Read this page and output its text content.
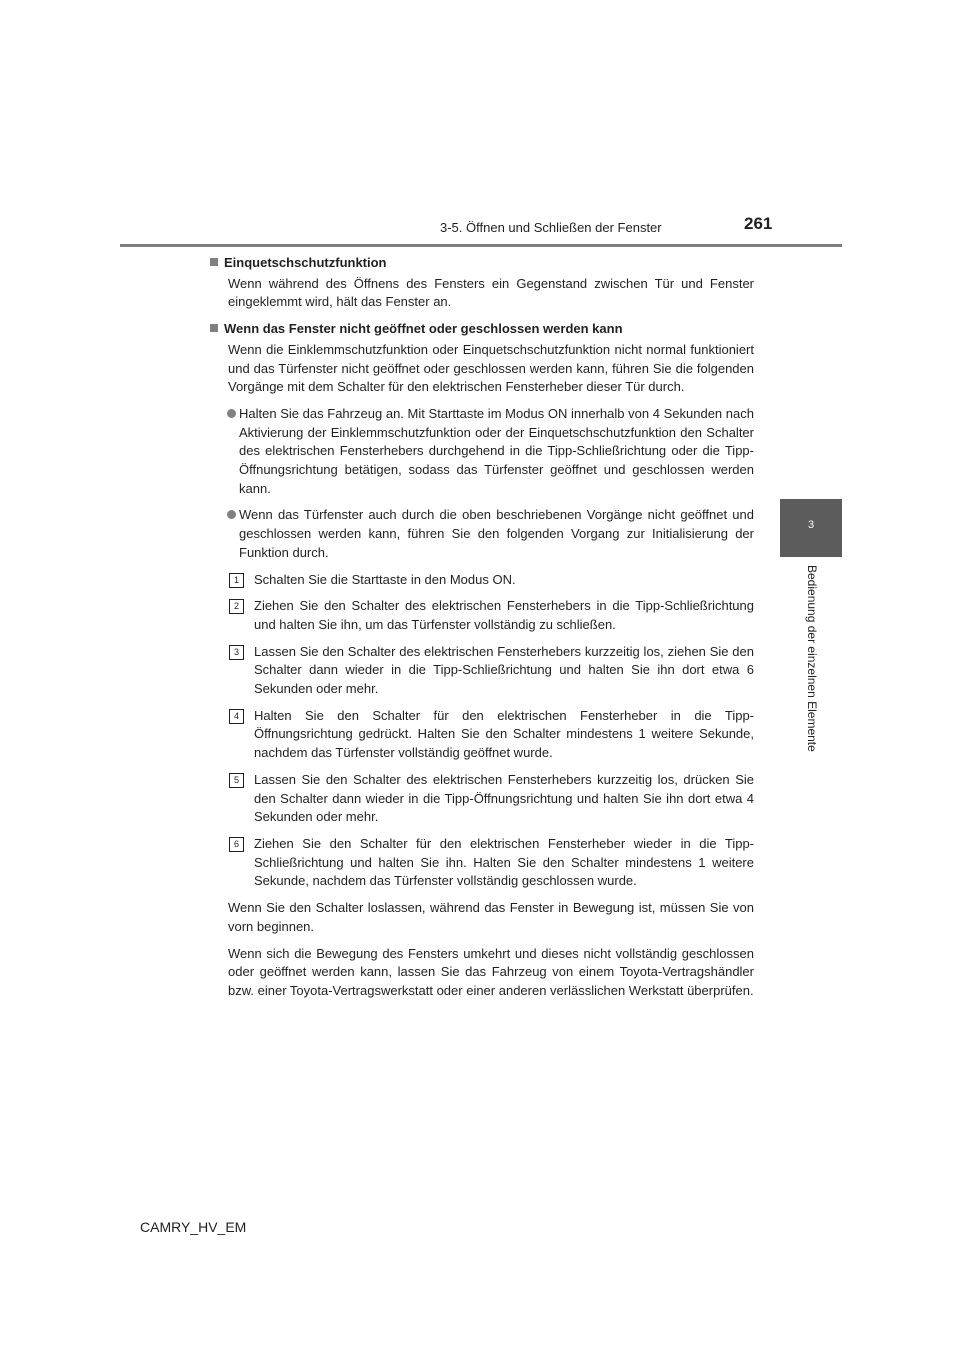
3-5. Öffnen und Schließen der Fenster	261
3
Bedienung der einzelnen Elemente
Einquetschschutzfunktion

Wenn während des Öffnens des Fensters ein Gegenstand zwischen Tür und Fenster eingeklemmt wird, hält das Fenster an.

Wenn das Fenster nicht geöffnet oder geschlossen werden kann

Wenn die Einklemmschutzfunktion oder Einquetschschutzfunktion nicht normal funktioniert und das Türfenster nicht geöffnet oder geschlossen werden kann, führen Sie die folgenden Vorgänge mit dem Schalter für den elektrischen Fensterheber dieser Tür durch.

Halten Sie das Fahrzeug an. Mit Starttaste im Modus ON innerhalb von 4 Sekunden nach Aktivierung der Einklemmschutzfunktion oder der Einquetschschutzfunktion den Schalter des elektrischen Fensterhebers durchgehend in die Tipp-Schließrichtung oder die Tipp-Öffnungsrichtung betätigen, sodass das Türfenster geöffnet und geschlossen werden kann.
Wenn das Türfenster auch durch die oben beschriebenen Vorgänge nicht geöffnet und geschlossen werden kann, führen Sie den folgenden Vorgang zur Initialisierung der Funktion durch.
1	Schalten Sie die Starttaste in den Modus ON.
2	Ziehen Sie den Schalter des elektrischen Fensterhebers in die Tipp-Schließrichtung und halten Sie ihn, um das Türfenster vollständig zu schließen.
3	Lassen Sie den Schalter des elektrischen Fensterhebers kurzzeitig los, ziehen Sie den Schalter dann wieder in die Tipp-Schließrichtung und halten Sie ihn dort etwa 6 Sekunden oder mehr.
4	Halten Sie den Schalter für den elektrischen Fensterheber in die Tipp-Öffnungsrichtung gedrückt. Halten Sie den Schalter mindestens 1 weitere Sekunde, nachdem das Türfenster vollständig geöffnet wurde.
5	Lassen Sie den Schalter des elektrischen Fensterhebers kurzzeitig los, drücken Sie den Schalter dann wieder in die Tipp-Öffnungsrichtung und halten Sie ihn dort etwa 4 Sekunden oder mehr.
6	Ziehen Sie den Schalter für den elektrischen Fensterheber wieder in die Tipp-Schließrichtung und halten Sie ihn. Halten Sie den Schalter mindestens 1 weitere Sekunde, nachdem das Türfenster vollständig geschlossen wurde.

Wenn Sie den Schalter loslassen, während das Fenster in Bewegung ist, müssen Sie von vorn beginnen.

Wenn sich die Bewegung des Fensters umkehrt und dieses nicht vollständig geschlossen oder geöffnet werden kann, lassen Sie das Fahrzeug von einem Toyota-Vertragshändler bzw. einer Toyota-Vertragswerkstatt oder einer anderen verlässlichen Werkstatt überprüfen.

CAMRY_HV_EM
